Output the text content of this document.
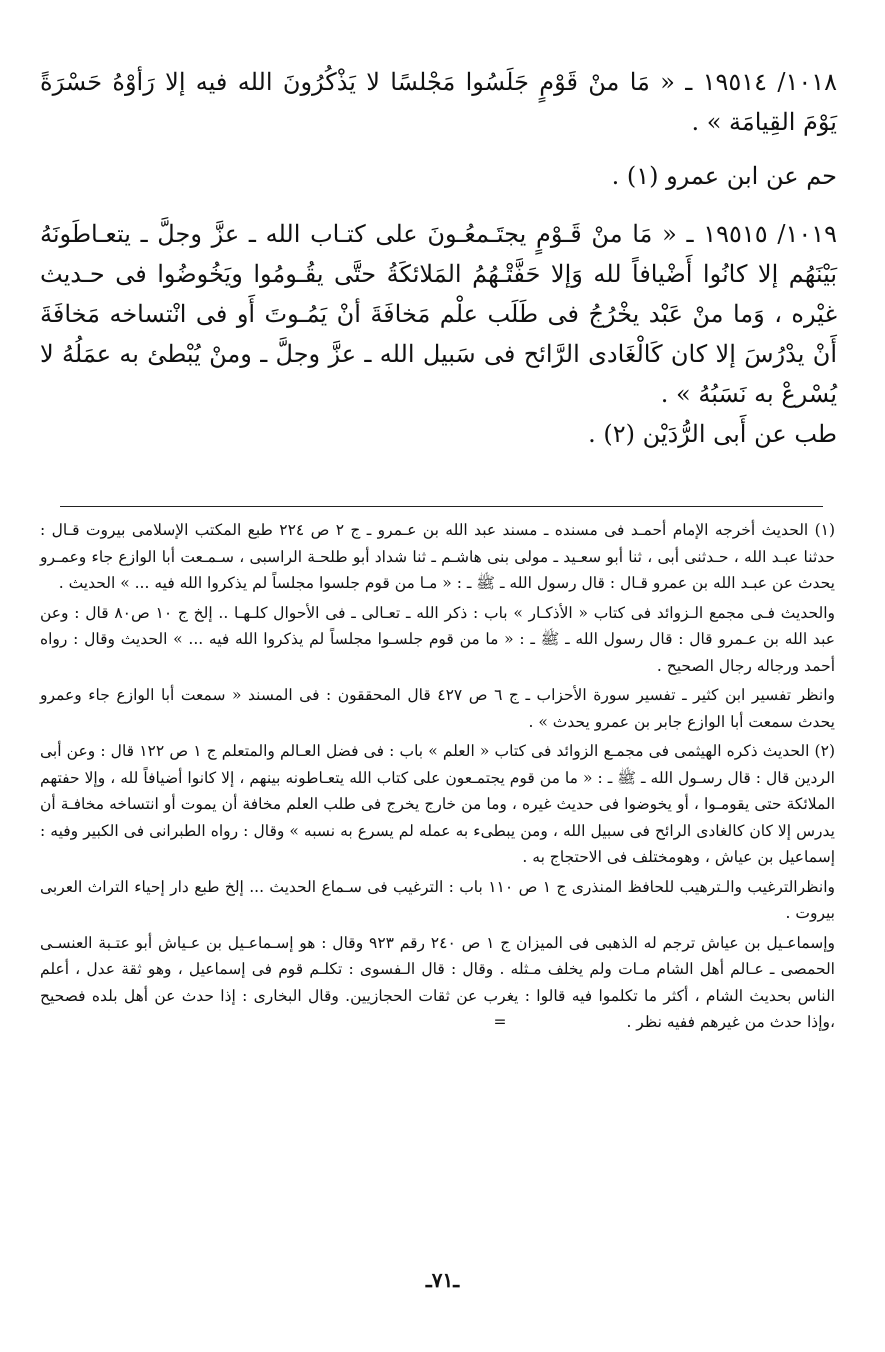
١٠١٨/ ١٩٥١٤ ـ « مَا منْ قَوْمٍ جَلَسُوا مَجْلسًا لا يَذْكُرُونَ الله فيه إلا رَأوْهُ حَسْرَةً يَوْمَ القِيامَة » .

حم عن ابن عمرو (١) .

١٠١٩/ ١٩٥١٥ ـ « مَا منْ قَـوْمٍ يجتَـمعُـونَ على كتـاب الله ـ عزَّ وجلَّ ـ يتعـاطَونَهُ بَيْنَهُم إلا كانُوا أَضْيافاً لله وَإلا حَفَّتْـهُمُ المَلائكَةُ حتَّى يقُـومُوا ويَخُوضُوا فى حـديث غيْره ، وَما منْ عَبْد يخْرُجُ فى طَلَب علْم مَخافَةَ أنْ يَمُـوتَ أَو فى انْتساخه مَخافَةَ أَنْ يدْرُسَ إلا كان كَالْغَادى الرَّائح فى سَبيل الله ـ عزَّ وجلَّ ـ ومنْ يُبْطئ به عمَلُهُ لا يُسْرعْ به نَسَبُهُ » .

طب عن أَبى الرُّدَيْن (٢) .

(١) الحديث أخرجه الإمام أحمـد فى مسنده ـ مسند عبد الله بن عـمرو ـ ج ٢ ص ٢٢٤ طبع المكتب الإسلامى بيروت قـال : حدثنا عبـد الله ، حـدثنى أبى ، ثنا أبو سعـيد ـ مولى بنى هاشـم ـ ثنا شداد أبو طلحـة الراسبى ، سـمـعت أبا الوازع جاء وعمـرو يحدث عن عبـد الله بن عمرو قـال : قال رسول الله ـ ﷺ ـ : « مـا من قوم جلسوا مجلساً لم يذكروا الله فيه ... » الحديث .

والحديث فـى مجمع الـزوائد فى كتاب « الأذكـار » باب : ذكر الله ـ تعـالى ـ فى الأحوال كلـهـا .. إلخ ج ١٠ ص٨٠ قال : وعن عبد الله بن عـمرو قال : قال رسول الله ـ ﷺ ـ : « ما من قوم جلسـوا مجلساً لم يذكروا الله فيه ... » الحديث وقال : رواه أحمد ورجاله رجال الصحيح .

وانظر تفسير ابن كثير ـ تفسير سورة الأحزاب ـ ج ٦ ص ٤٢٧ قال المحققون : فى المسند « سمعت أبا الوازع جاء وعمرو يحدث سمعت أبا الوازع جابر بن عمرو يحدث » .

(٢) الحديث ذكره الهيثمى فى مجمـع الزوائد فى كتاب « العلم » باب : فى فضل العـالم والمتعلم ج ١ ص ١٢٢ قال : وعن أبى الردين قال : قال رسـول الله ـ ﷺ ـ : « ما من قوم يجتمـعون على كتاب الله يتعـاطونه بينهم ، إلا كانوا أضيافاً لله ، وإلا حفتهم الملائكة حتى يقومـوا ، أو يخوضوا فى حديث غيره ، وما من خارج يخرج فى طلب العلم مخافة أن يموت أو انتساخه مخافـة أن يدرس إلا كان كالغادى الرائح فى سبيل الله ، ومن يبطىء به عمله لم يسرع به نسبه » وقال : رواه الطبرانى فى الكبير وفيه : إسماعيل بن عياش ، وهومختلف فى الاحتجاج به .

وانظرالترغيب والـترهيب للحافظ المنذرى ج ١ ص ١١٠ باب : الترغيب فى سـماع الحديث ... إلخ طبع دار إحياء التراث العربى بيروت .

وإسماعـيل بن عياش ترجم له الذهبى فى الميزان ج ١ ص ٢٤٠ رقم ٩٢٣ وقال : هو إسـماعـيل بن عـياش أبو عتـبة العنسـى الحمصى ـ عـالم أهل الشام مـات ولم يخلف مـثله . وقال : قال الـفسوى : تكلـم قوم فى إسماعيل ، وهو ثقة عدل ، أعلم الناس بحديث الشام ، أكثر ما تكلموا فيه قالوا : يغرب عن ثقات الحجازيين. وقال البخارى : إذا حدث عن أهل بلده فصحيح ،وإذا حدث من غيرهم ففيه نظر .=

ـ٧١ـ
